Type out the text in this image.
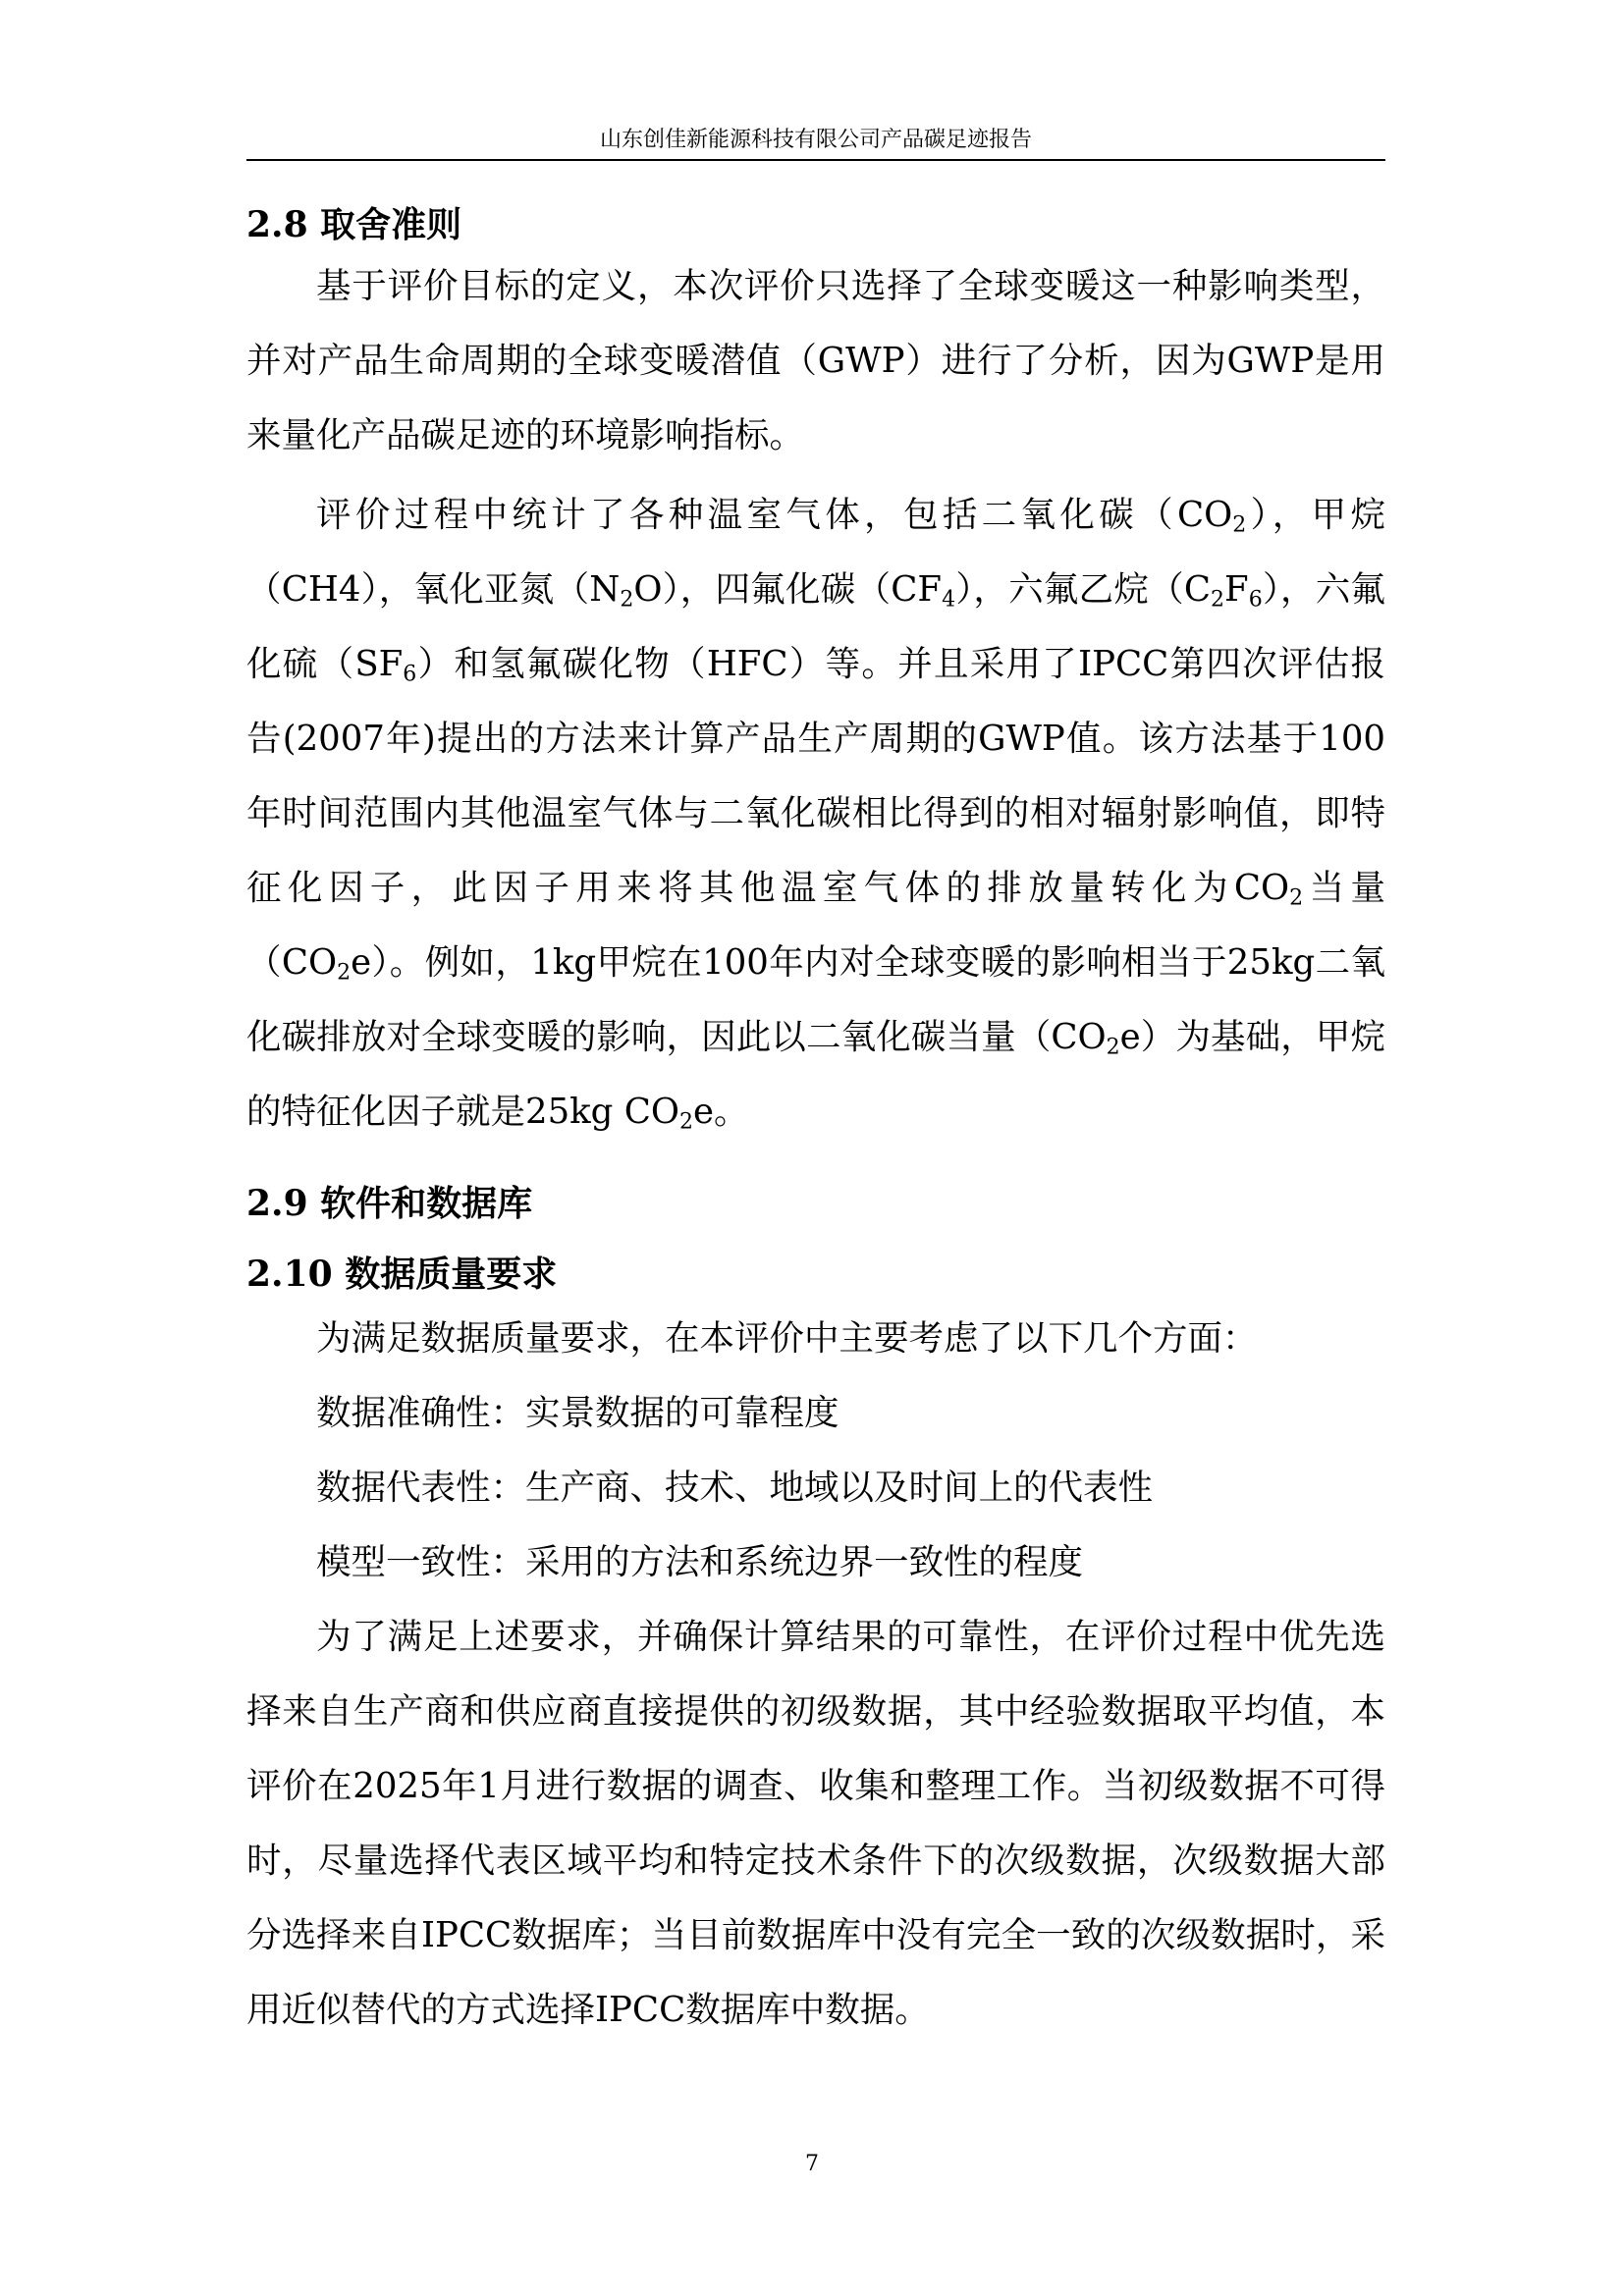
山东创佳新能源科技有限公司产品碳足迹报告
2.8 取舍准则

基于评价目标的定义，本次评价只选择了全球变暖这一种影响类型，并对产品生命周期的全球变暖潜值（GWP）进行了分析，因为GWP是用来量化产品碳足迹的环境影响指标。

评价过程中统计了各种温室气体，包括二氧化碳$(CO_2)$，甲烷（CH4），氧化亚氮$(N_2O)$，四氟化碳$(CF_4)$，六氟乙烷$(C_2F_6)$，六氟化硫$(SF_6)$和氢氟碳化物（HFC）等。并且采用了IPCC第四次评估报告(2007年)提出的方法来计算产品生产周期的GWP值。该方法基于100年时间范围内其他温室气体与二氧化碳相比得到的相对辐射影响值，即特征化因子，此因子用来将其他温室气体的排放量转化为$CO_2$当量$(CO_2e)$。例如，1kg甲烷在100年内对全球变暖的影响相当于25kg二氧化碳排放对全球变暖的影响，因此以二氧化碳当量$(CO_2e)$为基础，甲烷的特征化因子就是25kg $CO_2e$。

2.9 软件和数据库
2.10 数据质量要求
为满足数据质量要求，在本评价中主要考虑了以下几个方面：
数据准确性：实景数据的可靠程度
数据代表性：生产商、技术、地域以及时间上的代表性
模型一致性：采用的方法和系统边界一致性的程度

为了满足上述要求，并确保计算结果的可靠性，在评价过程中优先选择来自生产商和供应商直接提供的初级数据，其中经验数据取平均值，本评价在2025年1月进行数据的调查、收集和整理工作。当初级数据不可得时，尽量选择代表区域平均和特定技术条件下的次级数据，次级数据大部分选择来自IPCC数据库；当目前数据库中没有完全一致的次级数据时，采用近似替代的方式选择IPCC数据库中数据。

7
